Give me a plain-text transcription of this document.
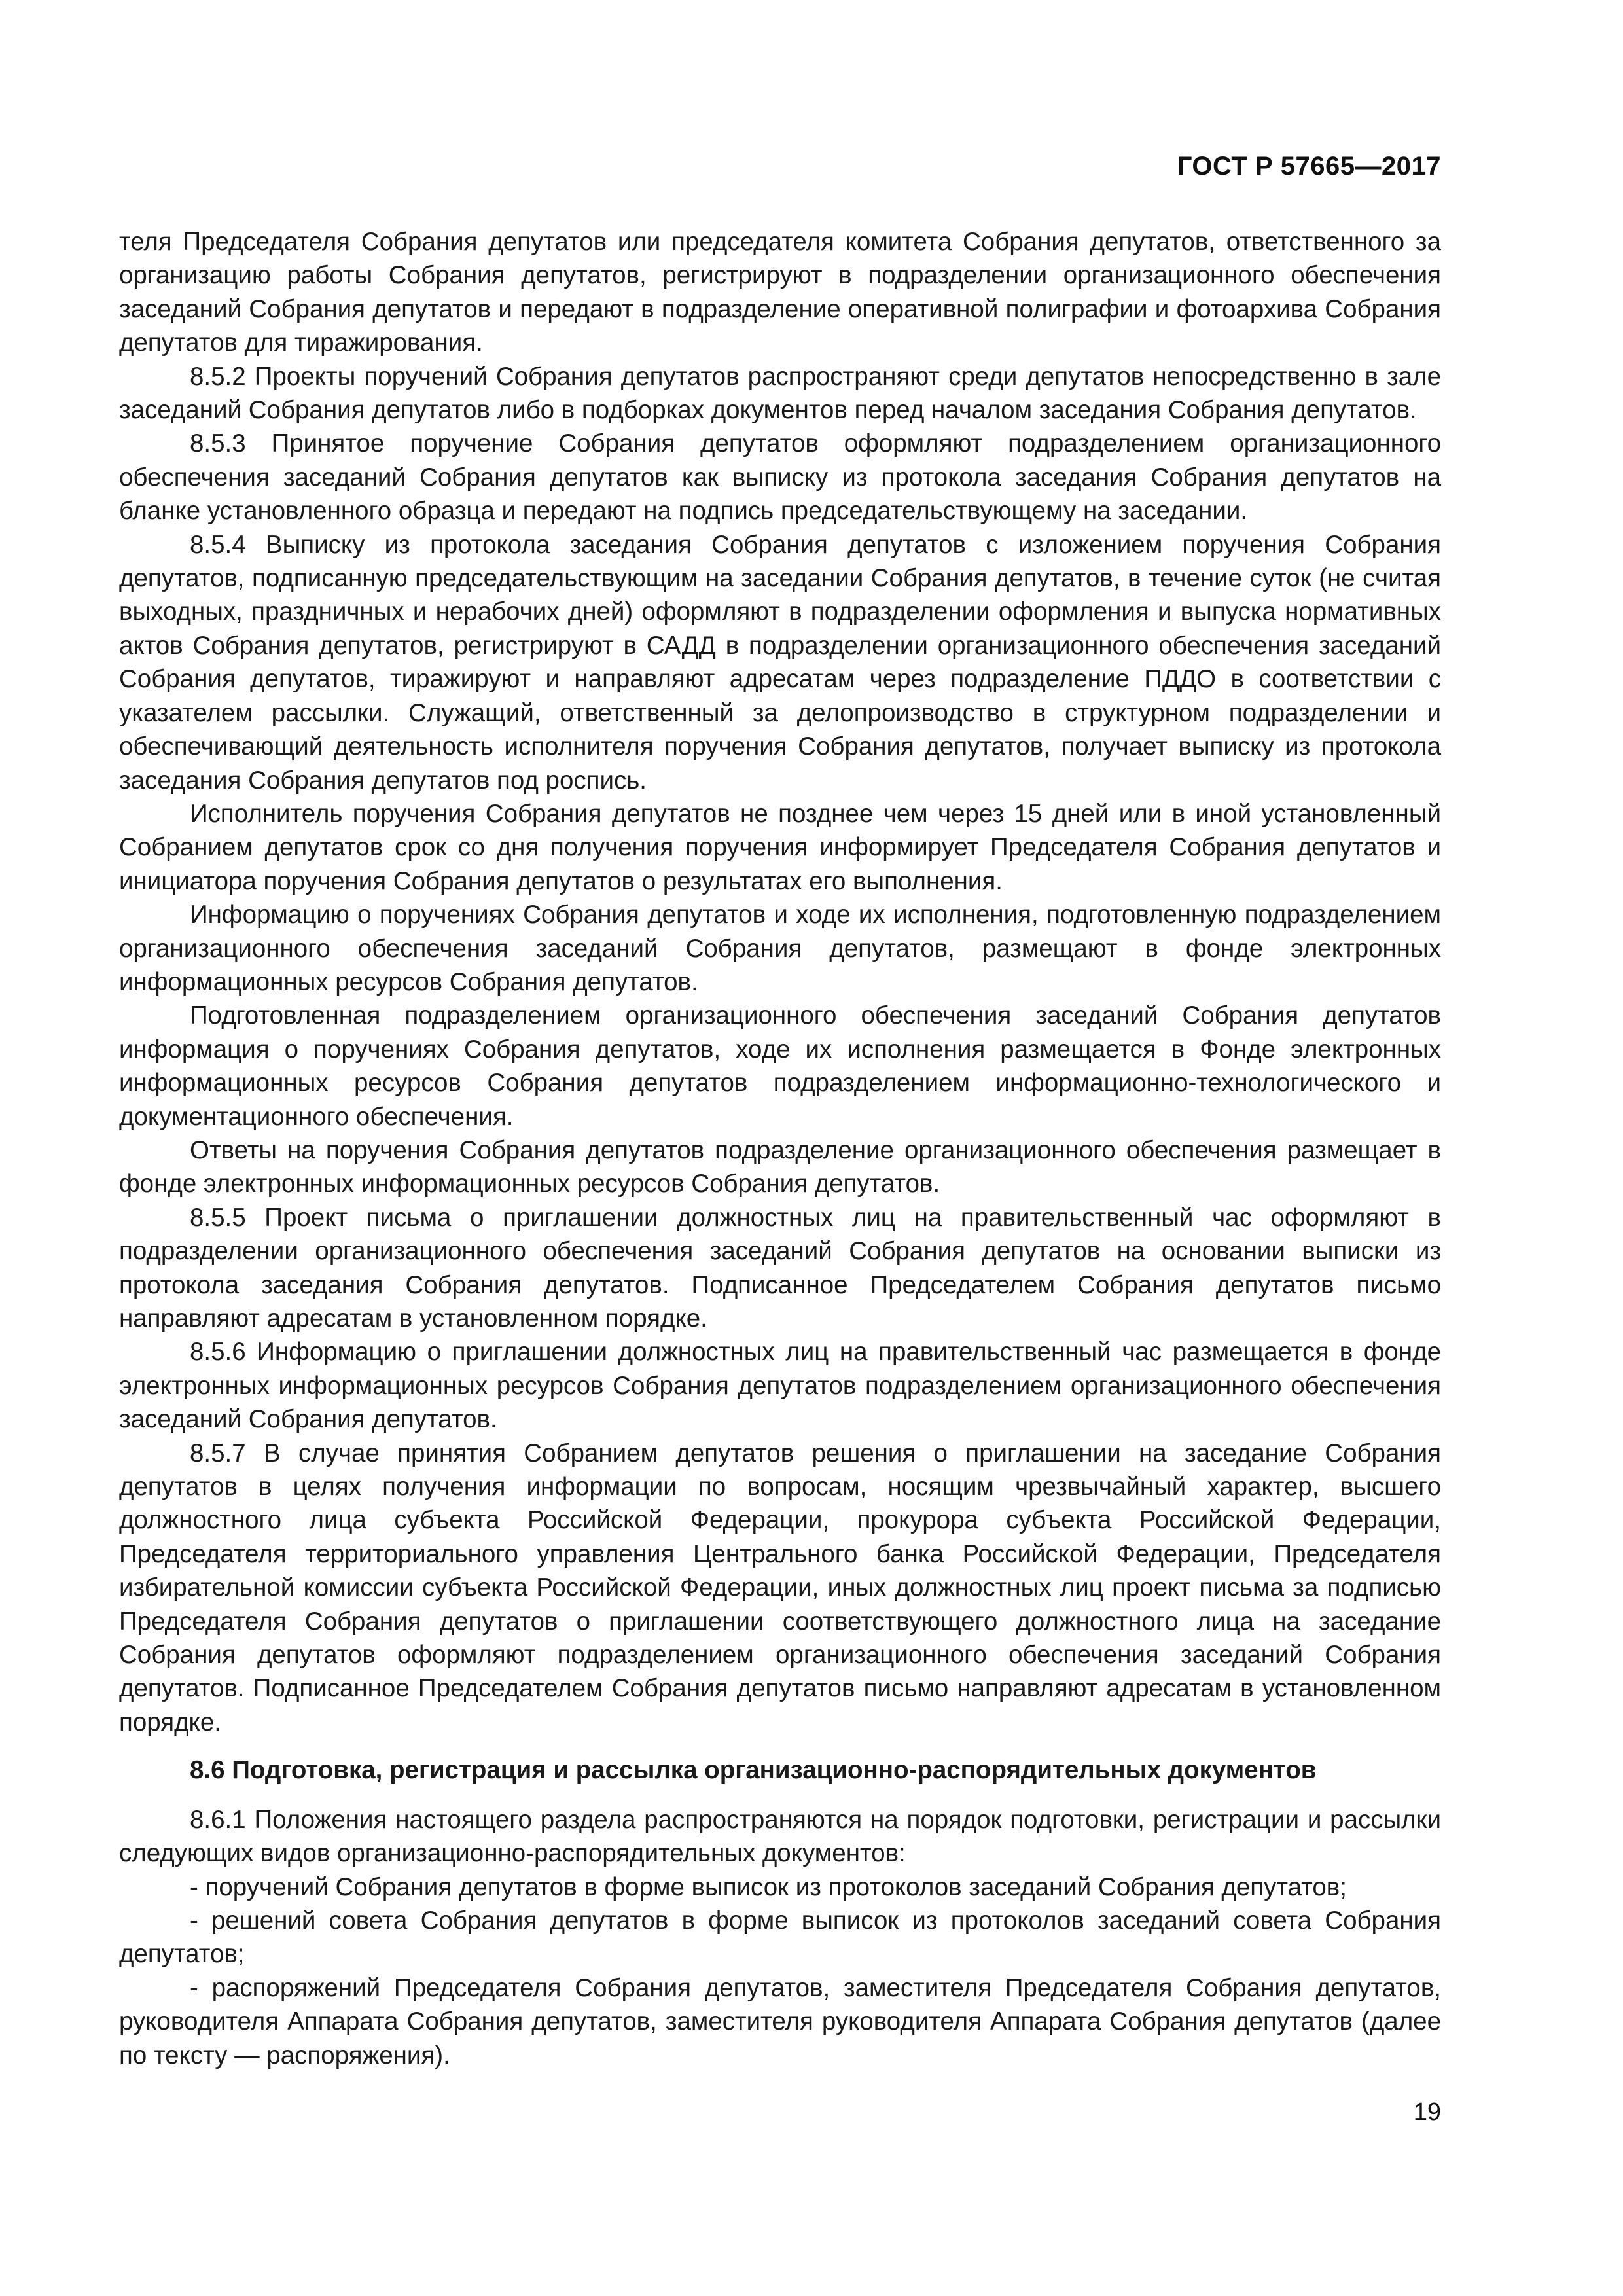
ГОСТ Р 57665—2017

теля Председателя Собрания депутатов или председателя комитета Собрания депутатов, ответственного за организацию работы Собрания депутатов, регистрируют в подразделении организационного обеспечения заседаний Собрания депутатов и передают в подразделение оперативной полиграфии и фотоархива Собрания депутатов для тиражирования.

8.5.2 Проекты поручений Собрания депутатов распространяют среди депутатов непосредственно в зале заседаний Собрания депутатов либо в подборках документов перед началом заседания Собрания депутатов.

8.5.3 Принятое поручение Собрания депутатов оформляют подразделением организационного обеспечения заседаний Собрания депутатов как выписку из протокола заседания Собрания депутатов на бланке установленного образца и передают на подпись председательствующему на заседании.

8.5.4 Выписку из протокола заседания Собрания депутатов с изложением поручения Собрания депутатов, подписанную председательствующим на заседании Собрания депутатов, в течение суток (не считая выходных, праздничных и нерабочих дней) оформляют в подразделении оформления и выпуска нормативных актов Собрания депутатов, регистрируют в САДД в подразделении организационного обеспечения заседаний Собрания депутатов, тиражируют и направляют адресатам через подразделение ПДДО в соответствии с указателем рассылки. Служащий, ответственный за делопроизводство в структурном подразделении и обеспечивающий деятельность исполнителя поручения Собрания депутатов, получает выписку из протокола заседания Собрания депутатов под роспись.

Исполнитель поручения Собрания депутатов не позднее чем через 15 дней или в иной установленный Собранием депутатов срок со дня получения поручения информирует Председателя Собрания депутатов и инициатора поручения Собрания депутатов о результатах его выполнения.

Информацию о поручениях Собрания депутатов и ходе их исполнения, подготовленную подразделением организационного обеспечения заседаний Собрания депутатов, размещают в фонде электронных информационных ресурсов Собрания депутатов.

Подготовленная подразделением организационного обеспечения заседаний Собрания депутатов информация о поручениях Собрания депутатов, ходе их исполнения размещается в Фонде электронных информационных ресурсов Собрания депутатов подразделением информационно-технологического и документационного обеспечения.

Ответы на поручения Собрания депутатов подразделение организационного обеспечения размещает в фонде электронных информационных ресурсов Собрания депутатов.

8.5.5 Проект письма о приглашении должностных лиц на правительственный час оформляют в подразделении организационного обеспечения заседаний Собрания депутатов на основании выписки из протокола заседания Собрания депутатов. Подписанное Председателем Собрания депутатов письмо направляют адресатам в установленном порядке.

8.5.6 Информацию о приглашении должностных лиц на правительственный час размещается в фонде электронных информационных ресурсов Собрания депутатов подразделением организационного обеспечения заседаний Собрания депутатов.

8.5.7 В случае принятия Собранием депутатов решения о приглашении на заседание Собрания депутатов в целях получения информации по вопросам, носящим чрезвычайный характер, высшего должностного лица субъекта Российской Федерации, прокурора субъекта Российской Федерации, Председателя территориального управления Центрального банка Российской Федерации, Председателя избирательной комиссии субъекта Российской Федерации, иных должностных лиц проект письма за подписью Председателя Собрания депутатов о приглашении соответствующего должностного лица на заседание Собрания депутатов оформляют подразделением организационного обеспечения заседаний Собрания депутатов. Подписанное Председателем Собрания депутатов письмо направляют адресатам в установленном порядке.

8.6 Подготовка, регистрация и рассылка организационно-распорядительных документов

8.6.1 Положения настоящего раздела распространяются на порядок подготовки, регистрации и рассылки следующих видов организационно-распорядительных документов:

- поручений Собрания депутатов в форме выписок из протоколов заседаний Собрания депутатов;

- решений совета Собрания депутатов в форме выписок из протоколов заседаний совета Собрания депутатов;

- распоряжений Председателя Собрания депутатов, заместителя Председателя Собрания депутатов, руководителя Аппарата Собрания депутатов, заместителя руководителя Аппарата Собрания депутатов (далее по тексту — распоряжения).

19
